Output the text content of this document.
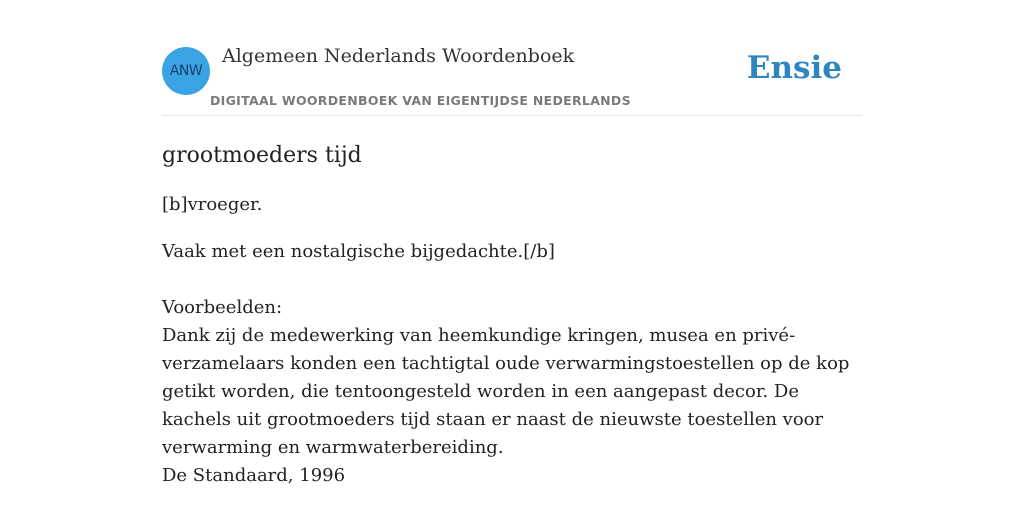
ANW
Algemeen Nederlands Woordenboek
DIGITAAL WOORDENBOEK VAN EIGENTIJDSE NEDERLANDS
Ensie
grootmoeders tijd

[b]vroeger.

Vaak met een nostalgische bijgedachte.[/b]

Voorbeelden:
Dank zij de medewerking van heemkundige kringen, musea en privé-verzamelaars konden een tachtigtal oude verwarmingstoestellen op de kop getikt worden, die tentoongesteld worden in een aangepast decor. De kachels uit grootmoeders tijd staan er naast de nieuwste toestellen voor verwarming en warmwaterbereiding.
De Standaard, 1996
